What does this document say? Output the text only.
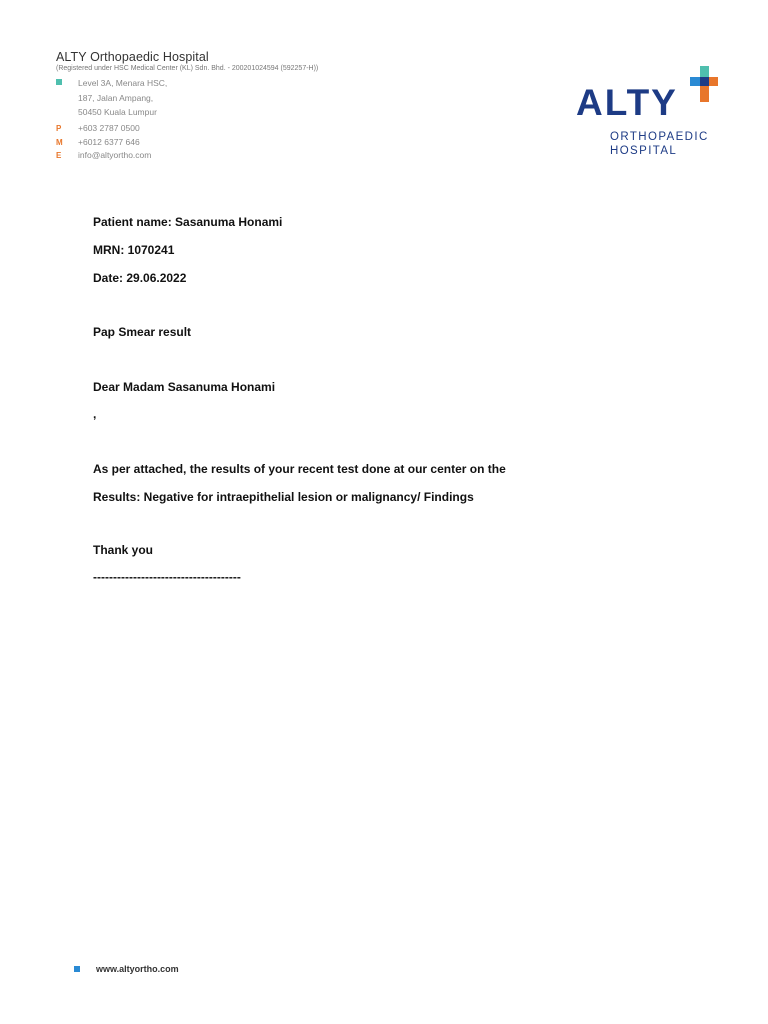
ALTY Orthopaedic Hospital
(Registered under HSC Medical Center (KL) Sdn. Bhd. - 200201024594 (592257-H))
Level 3A, Menara HSC,
187, Jalan Ampang,
50450 Kuala Lumpur
P +603 2787 0500
M +6012 6377 646
E info@altyortho.com
ALTY
ORTHOPAEDIC
HOSPITAL
Patient name: Sasanuma Honami
MRN: 1070241
Date: 29.06.2022
Pap Smear result
Dear Madam Sasanuma Honami
,
As per attached, the results of your recent test done at our center on the
Results: Negative for intraepithelial lesion or malignancy/ Findings
Thank you
-------------------------------------
www.altyortho.com
